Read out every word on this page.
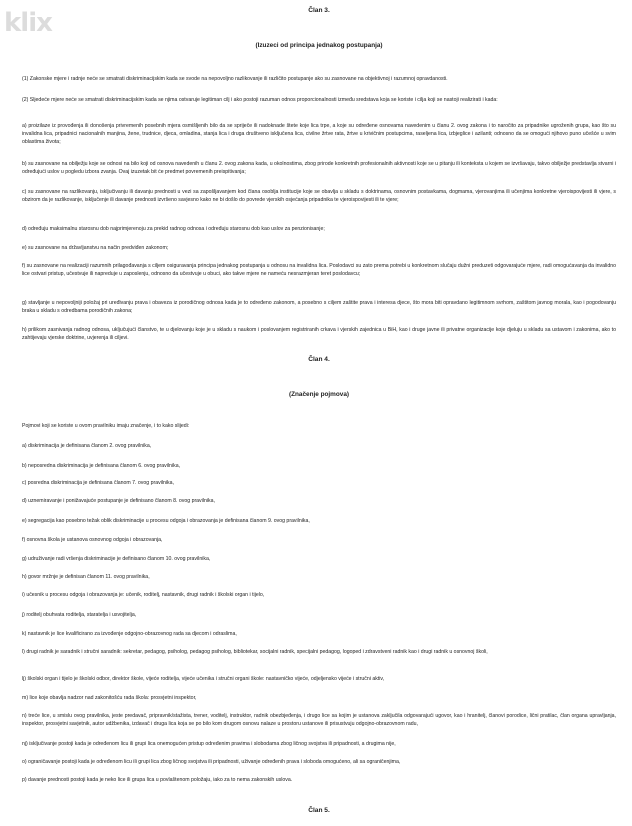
klix	Član 3.

(Izuzeci od principa jednakog postupanja)

(1) Zakonske mjere i radnje neće se smatrati diskriminacijskim kada se svode na nepovoljno razlikovanje ili različito postupanje ako su zasnovane na objektivnoj i razumnoj opravdanosti.

(2) Sljedeće mjere neće se smatrati diskriminacijskim kada se njima ostvaruje legitiman cilj i ako postoji razuman odnos proporcionalnosti između sredstava koja se koriste i cilja koji se nastoji realizirati i kada:

a) proizilaze iz provođenja ili donošenja privremenih posebnih mjera osmišljenih bilo da se spriječe ili nadoknade štete koje lica trpe, a koje su određene osnovama navedenim u članu 2. ovog zakona i to naročito za pripadnike ugroženih grupa, kao što su invalidna lica, pripadnici nacionalnih manjina, žene, trudnice, djeca, omladina, stanja lica i druga društveno isključena lica, civilne žrtve rata, žrtve u krivičnim postupcima, raseljena lica, izbjeglice i azilanti; odnosno da se omogući njihovo puno učešće u svim oblastima života;

b) su zasnovane na obilježju koje se odnosi na bilo koji od osnova navedenih u članu 2. ovog zakona kada, u okolnostima, zbog prirode konkretnih profesionalnih aktivnosti koje se u pitanju ili konteksta u kojem se izvršavaju, takvo obilježje predstavlja stvarni i određujući uslov u pogledu izbora zvanja. Ovaj izuzetak bit će predmet povremenih preispitivanja;

c) su zasnovane na razlikovanju, isključivanju ili davanju prednosti u vezi sa zapošljavanjem kod člana osoblja institucije koje se obavlja u skladu s doktrinama, osnovnim postavkama, dogmama, vjerovanjima ili učenjima konkretne vjeroispovijesti ili vjere, s obzirom da je razlikovanje, isključenje ili davanje prednosti izvršeno savjesno kako ne bi došlo do povrede vjerskih osjećanja pripadnika te vjeroispovijesti ili te vjere;

d) određuju maksimalnu starosnu dob najprimjerenoju za prekid radnog odnosa i određuju starosnu dob kao uslov za penzionisanje;

e) su zasnovane na državljanstvu na način predviđen zakonom;

f) su zasnovane na realizaciji razumnih prilagođavanja s ciljem osiguravanja principa jednakog postupanja u odnosu na invalidna lica. Poslodavci su zato prema potrebi u konkretnom slučaju dužni preduzeti odgovarajuće mjere, radi omogućavanja da invalidno lice ostvari pristup, učestvuje ili napreduje u zaposlenju, odnosno da učestvuje u obuci, ako takve mjere ne nameću nesrazmjeran teret poslodavcu;

g) stavljanje u nepovoljniji položaj pri uređivanju prava i obaveza iz porodičnog odnosa kada je to određeno zakonom, a posebno s ciljem zaštite prava i interesa djece, što mora biti opravdano legitimnom svrhom, zaštitom javnog morala, kao i pogodovanju braka u skladu s odredbama porodičnih zakona;

h) prilikom zasnivanja radnog odnosa, uključujući članstvo, te u djelovanju koje je u skladu s naukom i poslovanjem registriranih crkava i vjerskih zajednica u BiH, kao i druge javne ili privatne organizacije koje djeluju u skladu sa ustavom i zakonima, ako to zahtijevaju vjerske doktrine, uvjerenja ili ciljevi.

Član 4.

(Značenje pojmova)

Pojmovi koji se koriste u ovom pravilniku imaju značenje, i to kako slijedi:

a) diskriminacija je definisana članom 2. ovog pravilnika,

b) neposredna diskriminacija je definisana članom 6. ovog pravilnika,

c) posredna diskriminacija je definisana članom 7. ovog pravilnika,

d) uznemiravanje i ponižavajuće postupanje je definisano članom 8. ovog pravilnika,

e) segregacija kao posebno težak oblik diskriminacije u procesu odgoja i obrazovanja je definisana članom 9. ovog pravilnika,

f) osnovna škola je ustanova osnovnog odgoja i obrazovanja,

g) udruživanje radi vršenja diskriminacije je definisano članom 10. ovog pravilnika,

h) govor mržnje je definisan članom 11. ovog pravilnika,

i) učesnik u procesu odgoja i obrazovanja je: učenik, roditelj, nastavnik, drugi radnik i školski organ i tijelo,

j) roditelj obuhvata roditelja, staratelja i usvojitelja,

k) nastavnik je lice kvalificirano za izvođenje odgojno-obrazovnog rada sa djecom i odraslima,

l) drugi radnik je saradnik i stručni saradnik: sekretar, pedagog, psiholog, pedagog psiholog, bibliotekar, socijalni radnik, specijalni pedagog, logoped i zdravstveni radnik kao i drugi radnik u osnovnoj školi,

lj) školski organ i tijelo je školski odbor, direktor škole, vijeće roditelja, vijeće učenika i stručni organi škole: nastavničko vijeće, odjeljensko vijeće i stručni aktiv,

m) lice koje obavlja nadzor nad zakonitošću rada škola: prosvjetni inspektor,

n) treće lice, u smislu ovog pravilnika, jeste predavač, pripravnik/stažista, trener, voditelj, instruktor, radnik obezbjeđenja, i drugo lice sa kojim je ustanova zaključila odgovarajući ugovor, kao i hranitelj, članovi porodice, lični pratilac, član organa upravljanja, inspektor, prosvjetni savjetnik, autor udžbenika, izdavač i druga lica koja se po bilo kom drugom osnovu nalaze u prostoru ustanove ili prisustvuju odgojno-obrazovnom radu,

nj) isključivanje postoji kada je određenom licu ili grupi lica onemogućen pristup određenim pravima i slobodama zbog ličnog svojstva ili pripadnosti, a drugima nije,

o) ograničavanje postoji kada je određenom licu ili grupi lica zbog ličnog svojstva ili pripadnosti, uživanje određenih prava i sloboda omogućeno, ali sa ograničenjima,

p) davanje prednosti postoji kada je neko lice ili grupa lica u povlaštenom položaju, iako za to nema zakonskih uslova.

Član 5.
